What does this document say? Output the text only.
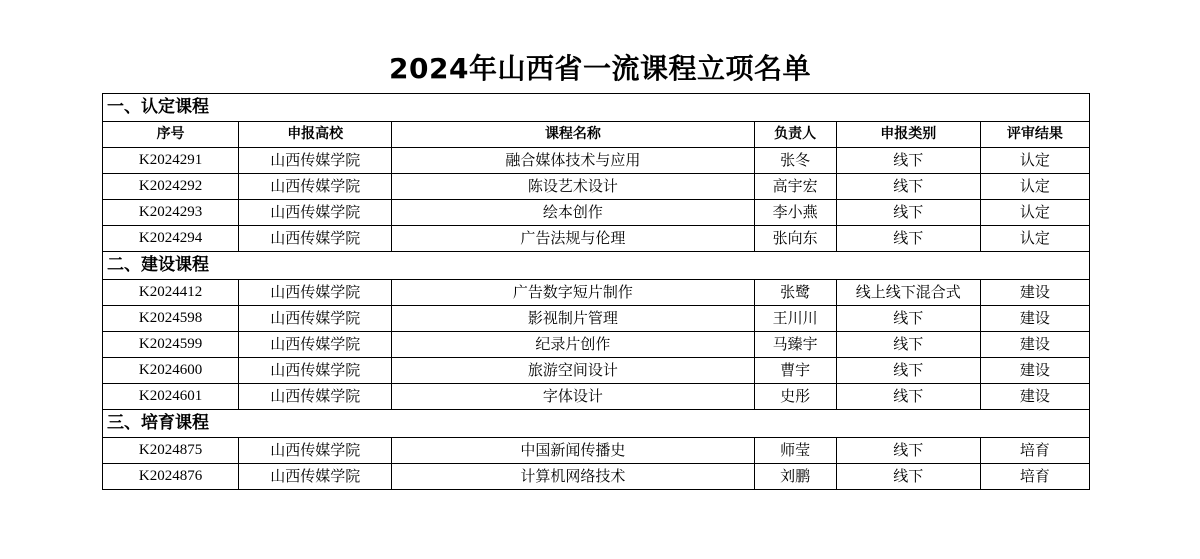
2024年山西省一流课程立项名单
一、认定课程					
序号	申报高校	课程名称	负责人	申报类别	评审结果
K2024291	山西传媒学院	融合媒体技术与应用	张冬	线下	认定
K2024292	山西传媒学院	陈设艺术设计	高宇宏	线下	认定
K2024293	山西传媒学院	绘本创作	李小燕	线下	认定
K2024294	山西传媒学院	广告法规与伦理	张向东	线下	认定
二、建设课程					
K2024412	山西传媒学院	广告数字短片制作	张鹭	线上线下混合式	建设
K2024598	山西传媒学院	影视制片管理	王川川	线下	建设
K2024599	山西传媒学院	纪录片创作	马臻宇	线下	建设
K2024600	山西传媒学院	旅游空间设计	曹宇	线下	建设
K2024601	山西传媒学院	字体设计	史彤	线下	建设
三、培育课程					
K2024875	山西传媒学院	中国新闻传播史	师莹	线下	培育
K2024876	山西传媒学院	计算机网络技术	刘鹏	线下	培育
